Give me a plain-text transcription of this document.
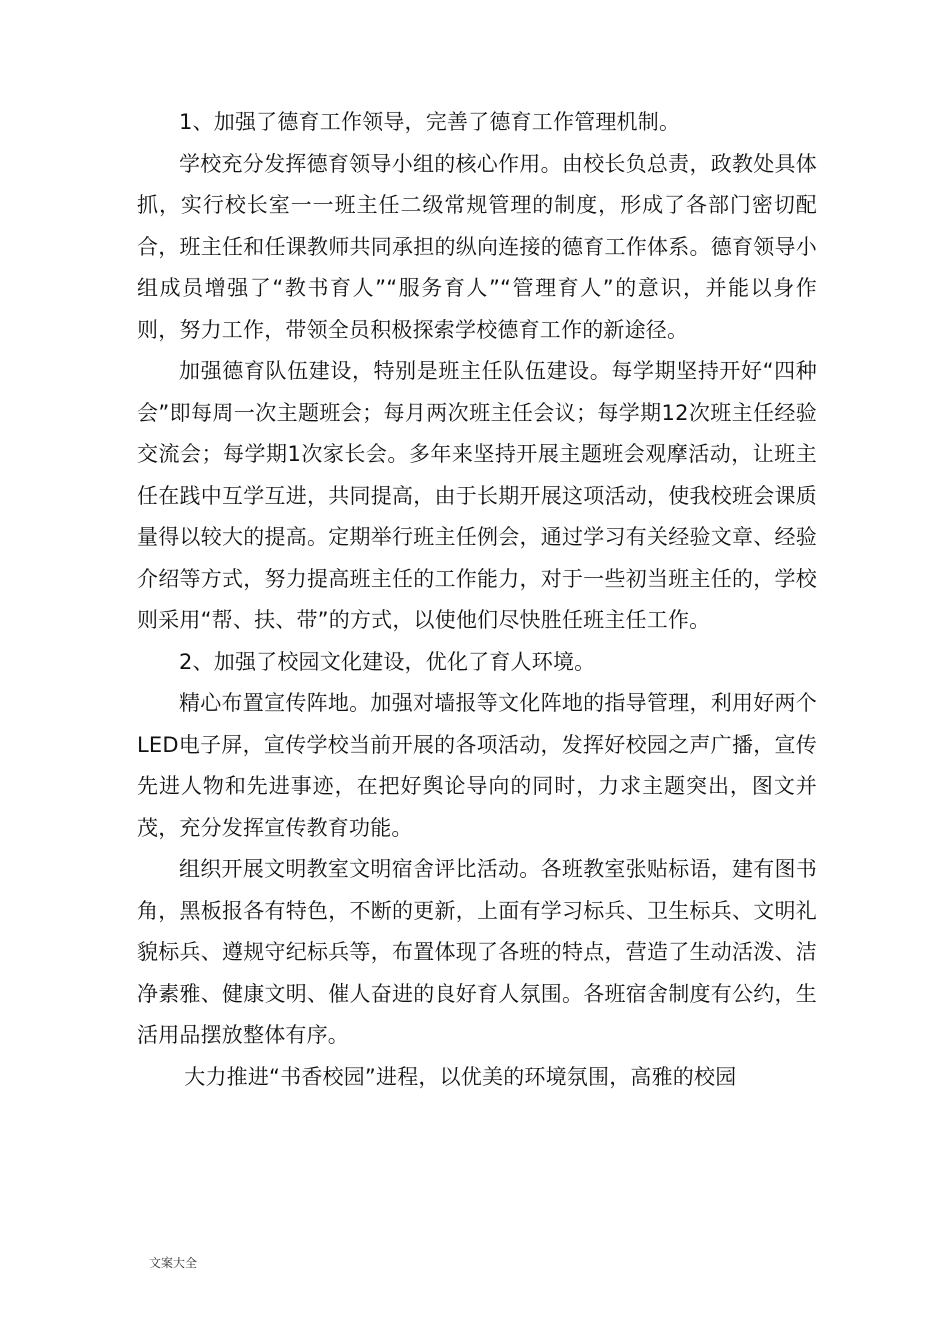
1、加强了德育工作领导，完善了德育工作管理机制。

学校充分发挥德育领导小组的核心作用。由校长负总责，政教处具体抓，实行校长室一一班主任二级常规管理的制度，形成了各部门密切配合，班主任和任课教师共同承担的纵向连接的德育工作体系。德育领导小组成员增强了“教书育人”“服务育人”“管理育人”的意识，并能以身作则，努力工作，带领全员积极探索学校德育工作的新途径。

加强德育队伍建设，特别是班主任队伍建设。每学期坚持开好“四种会”即每周一次主题班会；每月两次班主任会议；每学期12次班主任经验交流会；每学期1次家长会。多年来坚持开展主题班会观摩活动，让班主任在践中互学互进，共同提高，由于长期开展这项活动，使我校班会课质量得以较大的提高。定期举行班主任例会，通过学习有关经验文章、经验介绍等方式，努力提高班主任的工作能力，对于一些初当班主任的，学校则采用“帮、扶、带”的方式，以使他们尽快胜任班主任工作。

2、加强了校园文化建设，优化了育人环境。

精心布置宣传阵地。加强对墙报等文化阵地的指导管理，利用好两个LED电子屏，宣传学校当前开展的各项活动，发挥好校园之声广播，宣传先进人物和先进事迹，在把好舆论导向的同时，力求主题突出，图文并茂，充分发挥宣传教育功能。

组织开展文明教室文明宿舍评比活动。各班教室张贴标语，建有图书角，黑板报各有特色，不断的更新，上面有学习标兵、卫生标兵、文明礼貌标兵、遵规守纪标兵等，布置体现了各班的特点，营造了生动活泼、洁净素雅、健康文明、催人奋进的良好育人氛围。各班宿舍制度有公约，生活用品摆放整体有序。

大力推进“书香校园”进程，以优美的环境氛围，高雅的校园

文案大全
